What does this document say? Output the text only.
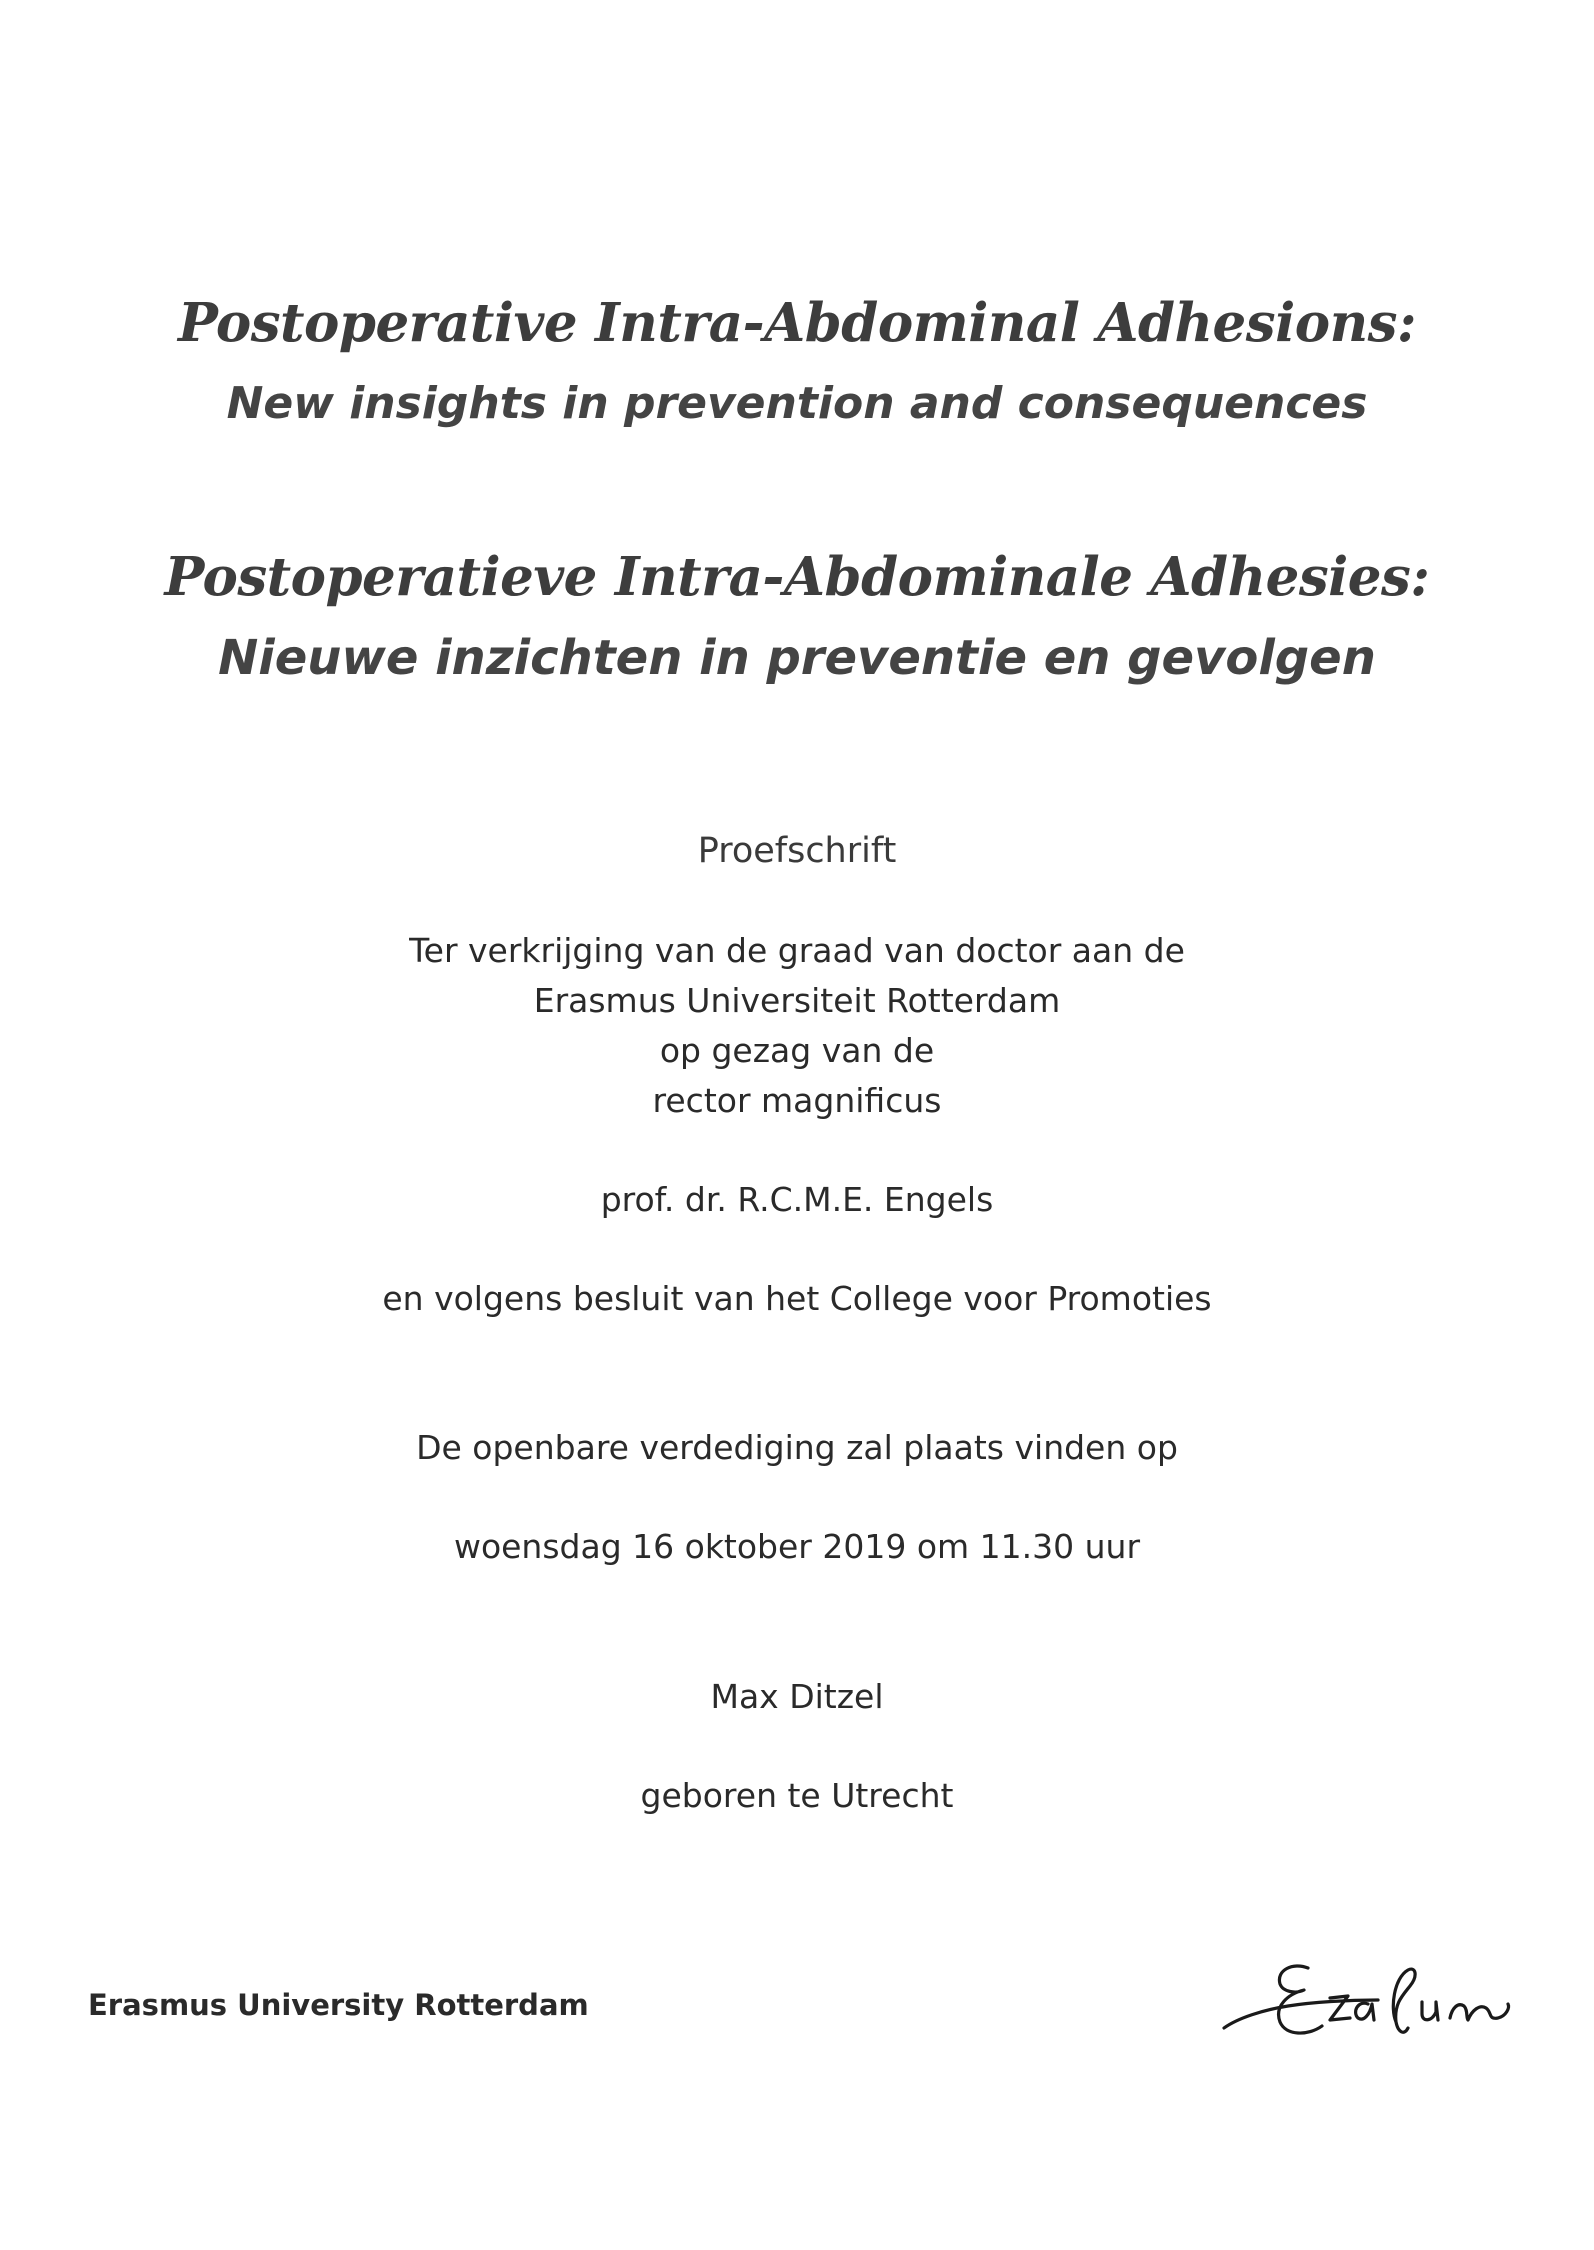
Postoperative Intra-Abdominal Adhesions:
New insights in prevention and consequences
Postoperatieve Intra-Abdominale Adhesies:
Nieuwe inzichten in preventie en gevolgen
Proefschrift
Ter verkrijging van de graad van doctor aan de
Erasmus Universiteit Rotterdam
op gezag van de
rector magnificus
prof. dr. R.C.M.E. Engels
en volgens besluit van het College voor Promoties
De openbare verdediging zal plaats vinden op
woensdag 16 oktober 2019 om 11.30 uur
Max Ditzel
geboren te Utrecht
Erasmus University Rotterdam
